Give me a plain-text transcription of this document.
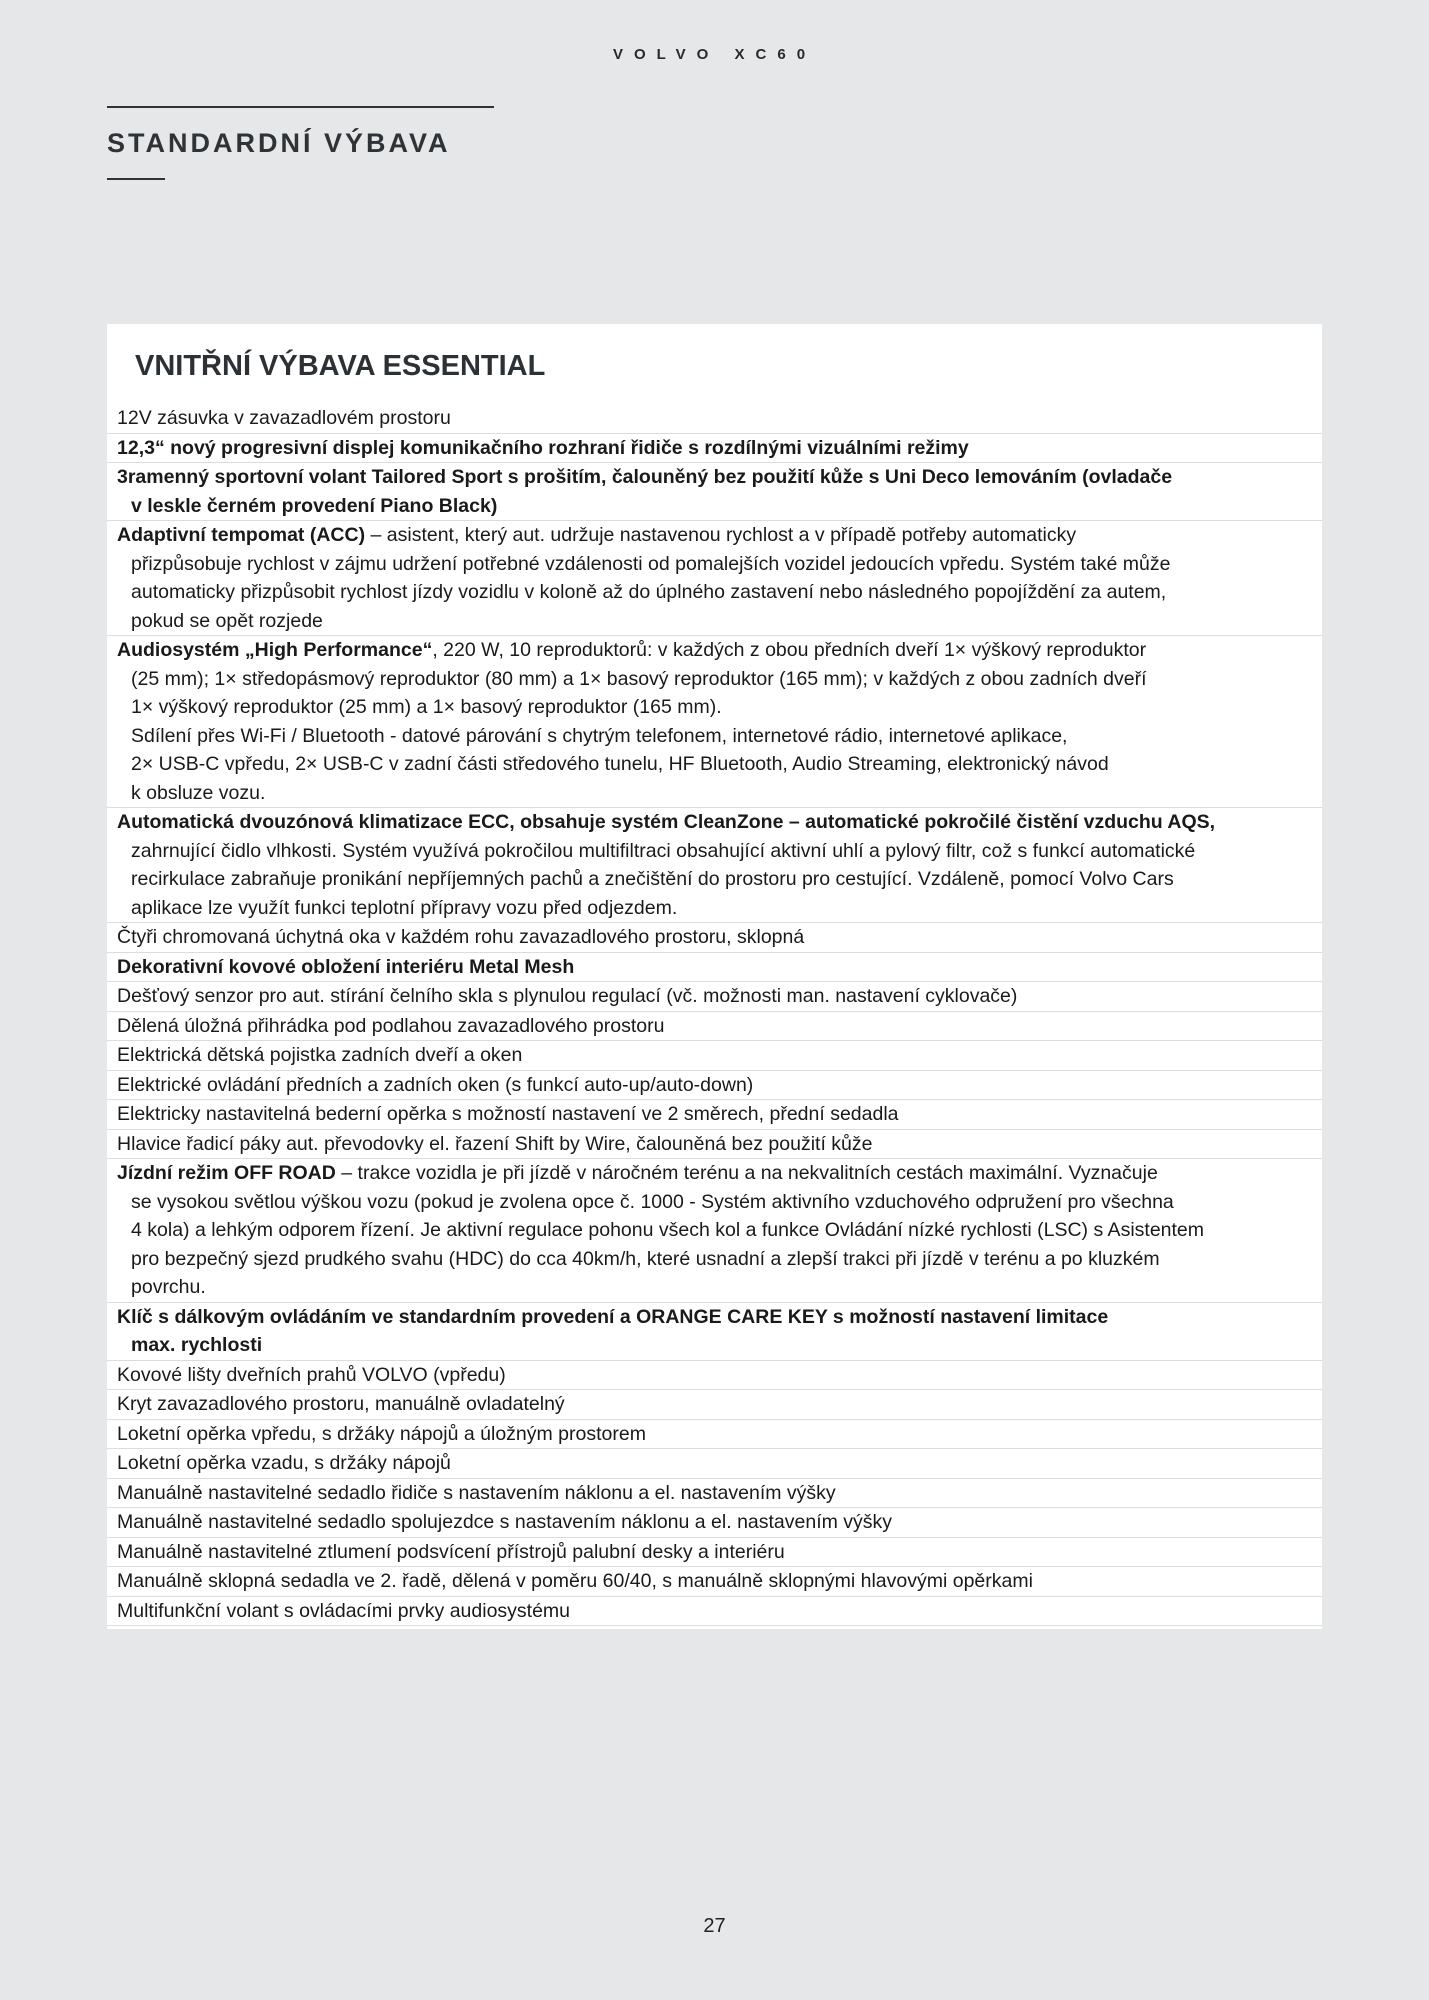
VOLVO XC60
STANDARDNÍ VÝBAVA
VNITŘNÍ VÝBAVA ESSENTIAL
12V zásuvka v zavazadlovém prostoru
12,3“ nový progresivní displej komunikačního rozhraní řidiče s rozdílnými vizuálními režimy
3ramenný sportovní volant Tailored Sport s prošitím, čalouněný bez použití kůže s Uni Deco lemováním (ovladače
v leskle černém provedení Piano Black)
Adaptivní tempomat (ACC) – asistent, který aut. udržuje nastavenou rychlost a v případě potřeby automaticky
přizpůsobuje rychlost v zájmu udržení potřebné vzdálenosti od pomalejších vozidel jedoucích vpředu. Systém také může
automaticky přizpůsobit rychlost jízdy vozidlu v koloně až do úplného zastavení nebo následného popojíždění za autem,
pokud se opět rozjede
Audiosystém „High Performance“, 220 W, 10 reproduktorů: v každých z obou předních dveří 1× výškový reproduktor
(25 mm); 1× středopásmový reproduktor (80 mm) a 1× basový reproduktor (165 mm); v každých z obou zadních dveří
1× výškový reproduktor (25 mm) a 1× basový reproduktor (165 mm).
Sdílení přes Wi-Fi / Bluetooth - datové párování s chytrým telefonem, internetové rádio, internetové aplikace,
2× USB-C vpředu, 2× USB-C v zadní části středového tunelu, HF Bluetooth, Audio Streaming, elektronický návod
k obsluze vozu.
Automatická dvouzónová klimatizace ECC, obsahuje systém CleanZone – automatické pokročilé čistění vzduchu AQS,
zahrnující čidlo vlhkosti. Systém využívá pokročilou multifiltraci obsahující aktivní uhlí a pylový filtr, což s funkcí automatické
recirkulace zabraňuje pronikání nepříjemných pachů a znečištění do prostoru pro cestující. Vzdáleně, pomocí Volvo Cars
aplikace lze využít funkci teplotní přípravy vozu před odjezdem.
Čtyři chromovaná úchytná oka v každém rohu zavazadlového prostoru, sklopná
Dekorativní kovové obložení interiéru Metal Mesh
Dešťový senzor pro aut. stírání čelního skla s plynulou regulací (vč. možnosti man. nastavení cyklovače)
Dělená úložná přihrádka pod podlahou zavazadlového prostoru
Elektrická dětská pojistka zadních dveří a oken
Elektrické ovládání předních a zadních oken (s funkcí auto-up/auto-down)
Elektricky nastavitelná bederní opěrka s možností nastavení ve 2 směrech, přední sedadla
Hlavice řadicí páky aut. převodovky el. řazení Shift by Wire, čalouněná bez použití kůže
Jízdní režim OFF ROAD – trakce vozidla je při jízdě v náročném terénu a na nekvalitních cestách maximální. Vyznačuje
se vysokou světlou výškou vozu (pokud je zvolena opce č. 1000 - Systém aktivního vzduchového odpružení pro všechna
4 kola) a lehkým odporem řízení. Je aktivní regulace pohonu všech kol a funkce Ovládání nízké rychlosti (LSC) s Asistentem
pro bezpečný sjezd prudkého svahu (HDC) do cca 40km/h, které usnadní a zlepší trakci při jízdě v terénu a po kluzkém
povrchu.
Klíč s dálkovým ovládáním ve standardním provedení a ORANGE CARE KEY s možností nastavení limitace
max. rychlosti
Kovové lišty dveřních prahů VOLVO (vpředu)
Kryt zavazadlového prostoru, manuálně ovladatelný
Loketní opěrka vpředu, s držáky nápojů a úložným prostorem
Loketní opěrka vzadu, s držáky nápojů
Manuálně nastavitelné sedadlo řidiče s nastavením náklonu a el. nastavením výšky
Manuálně nastavitelné sedadlo spolujezdce s nastavením náklonu a el. nastavením výšky
Manuálně nastavitelné ztlumení podsvícení přístrojů palubní desky a interiéru
Manuálně sklopná sedadla ve 2. řadě, dělená v poměru 60/40, s manuálně sklopnými hlavovými opěrkami
Multifunkční volant s ovládacími prvky audiosystému
27
